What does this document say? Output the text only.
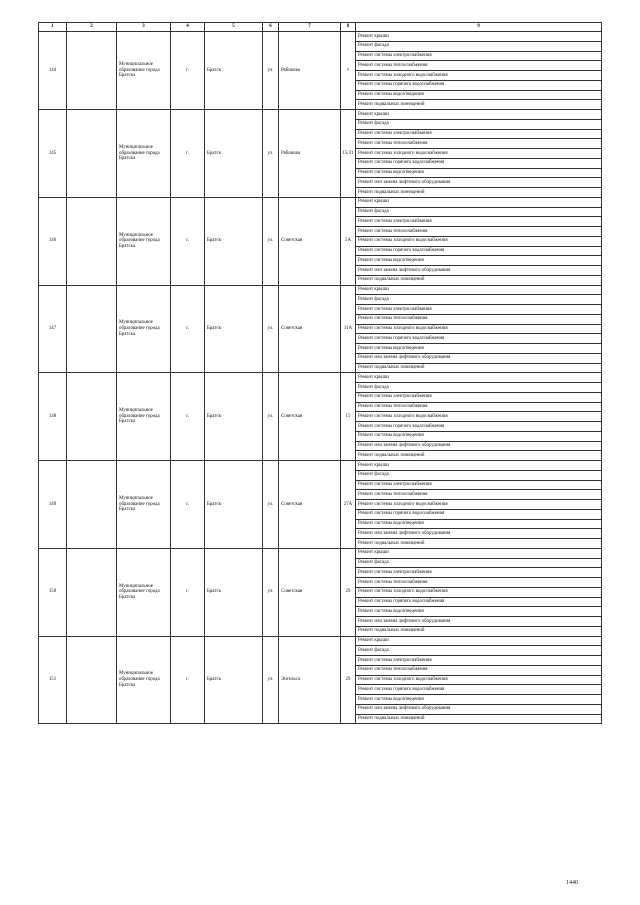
1	2	3	4	5	6	7	8	9
144		Муниципальное образование города Братска	г.	Братск	ул.	Рябикова	1	Ремонт крыши
								Ремонт фасада
								Ремонт системы электроснабжения
								Ремонт системы теплоснабжения
								Ремонт системы холодного водоснабжения
								Ремонт системы горячего водоснабжения
								Ремонт системы водоотведения
								Ремонт подвальных помещений
145		Муниципальное образование города Братска	г.	Братск	ул.	Рябикова	15/31	Ремонт крыши
								Ремонт фасада
								Ремонт системы электроснабжения
								Ремонт системы теплоснабжения
								Ремонт системы холодного водоснабжения
								Ремонт системы горячего водоснабжения
								Ремонт системы водоотведения
								Ремонт или замена лифтового оборудования
								Ремонт подвальных помещений
146		Муниципальное образование города Братска	г.	Братск	ул.	Советская	5А	Ремонт крыши
								Ремонт фасада
								Ремонт системы электроснабжения
								Ремонт системы теплоснабжения
								Ремонт системы холодного водоснабжения
								Ремонт системы горячего водоснабжения
								Ремонт системы водоотведения
								Ремонт или замена лифтового оборудования
								Ремонт подвальных помещений
147		Муниципальное образование города Братска	г.	Братск	ул.	Советская	11А	Ремонт крыши
								Ремонт фасада
								Ремонт системы электроснабжения
								Ремонт системы теплоснабжения
								Ремонт системы холодного водоснабжения
								Ремонт системы горячего водоснабжения
								Ремонт системы водоотведения
								Ремонт или замена лифтового оборудования
								Ремонт подвальных помещений
148		Муниципальное образование города Братска	г.	Братск	ул.	Советская	15	Ремонт крыши
								Ремонт фасада
								Ремонт системы электроснабжения
								Ремонт системы теплоснабжения
								Ремонт системы холодного водоснабжения
								Ремонт системы горячего водоснабжения
								Ремонт системы водоотведения
								Ремонт или замена лифтового оборудования
								Ремонт подвальных помещений
149		Муниципальное образование города Братска	г.	Братск	ул.	Советская	27А	Ремонт крыши
								Ремонт фасада
								Ремонт системы электроснабжения
								Ремонт системы теплоснабжения
								Ремонт системы холодного водоснабжения
								Ремонт системы горячего водоснабжения
								Ремонт системы водоотведения
								Ремонт или замена лифтового оборудования
								Ремонт подвальных помещений
150		Муниципальное образование города Братска	г.	Братск	ул.	Советская	29	Ремонт крыши
								Ремонт фасада
								Ремонт системы электроснабжения
								Ремонт системы теплоснабжения
								Ремонт системы холодного водоснабжения
								Ремонт системы горячего водоснабжения
								Ремонт системы водоотведения
								Ремонт или замена лифтового оборудования
								Ремонт подвальных помещений
151		Муниципальное образование города Братска	г.	Братск	ул.	Энгельса	29	Ремонт крыши
								Ремонт фасада
								Ремонт системы электроснабжения
								Ремонт системы теплоснабжения
								Ремонт системы холодного водоснабжения
								Ремонт системы горячего водоснабжения
								Ремонт системы водоотведения
								Ремонт или замена лифтового оборудования
								Ремонт подвальных помещений
1440
